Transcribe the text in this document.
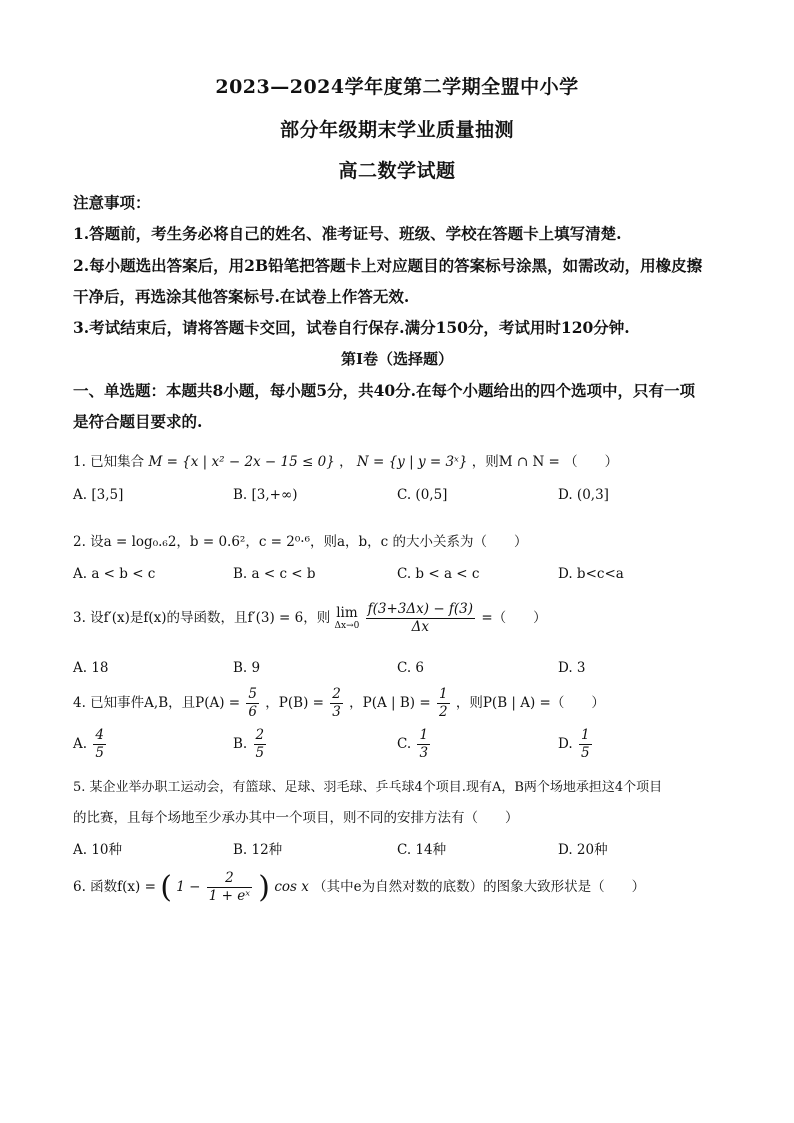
2023—2024学年度第二学期全盟中小学
部分年级期末学业质量抽测
高二数学试题
注意事项：
1.答题前，考生务必将自己的姓名、准考证号、班级、学校在答题卡上填写清楚.
2.每小题选出答案后，用2B铅笔把答题卡上对应题目的答案标号涂黑，如需改动，用橡皮擦
干净后，再选涂其他答案标号.在试卷上作答无效.
3.考试结束后，请将答题卡交回，试卷自行保存.满分150分，考试用时120分钟.
第Ⅰ卷（选择题）
一、单选题：本题共8小题，每小题5分，共40分.在每个小题给出的四个选项中，只有一项
是符合题目要求的.
1. 已知集合 M = {x | x² − 2x − 15 ≤ 0} ， N = {y | y = 3ˣ} ，则M ∩ N = （　　）
A. [3,5]	B. [3,+∞)	C. (0,5]	D. (0,3]
2. 设a = log₀.₆2，b = 0.6²，c = 2⁰·⁶，则a，b，c 的大小关系为（　　）
A. a < b < c	B. a < c < b	C. b < a < c	D. b<c<a
3. 设f′(x)是f(x)的导函数，且f′(3) = 6，则 lim
Δx→0
$\frac{f(3+3\Delta x) - f(3)}{\Delta x}$ =（　　）
A. 18	B. 9	C. 6	D. 3
4. 已知事件A,B，且$P(A) = \frac{5}{6}$ ，$P(B) = \frac{2}{3}$ ，P(A | $B) = \frac{1}{2}$ ，则P(B | A) =（　　）
A. $\frac{4}{5}$	B. $\frac{2}{5}$	C. $\frac{1}{3}$	D. $\frac{1}{5}$
5. 某企业举办职工运动会，有篮球、足球、羽毛球、乒乓球4个项目.现有A，B两个场地承担这4个项目
的比赛，且每个场地至少承办其中一个项目，则不同的安排方法有（　　）
A. 10种	B. 12种	C. 14种	D. 20种
6. 函数f(x) = ( $1 - \frac{2}{\text{1 + eˣ}}$ ) cos x （其中e为自然对数的底数）的图象大致形状是（　　）
